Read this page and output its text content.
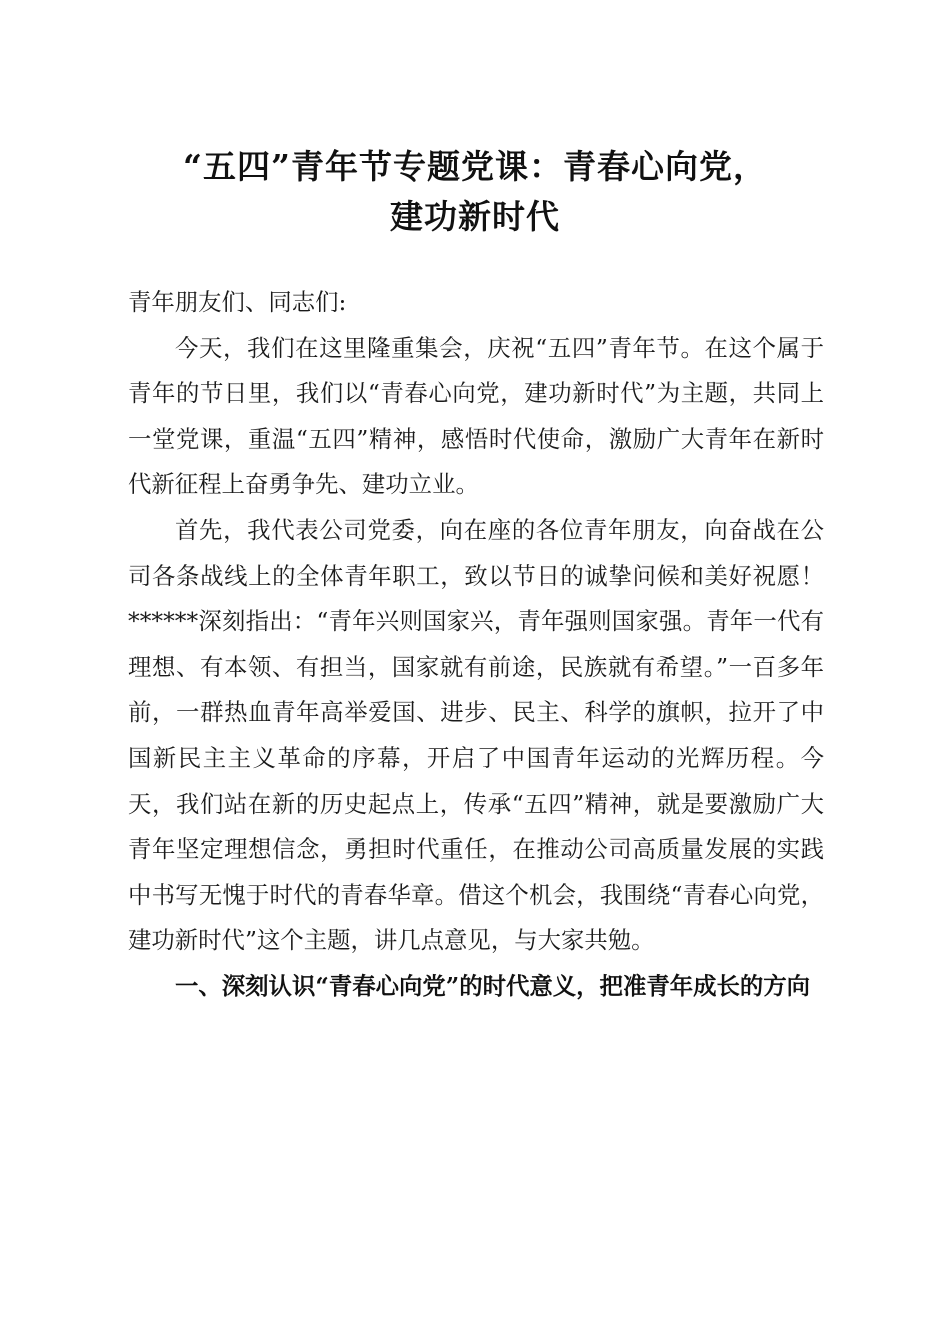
“五四”青年节专题党课：青春心向党，
建功新时代

青年朋友们、同志们:

今天，我们在这里隆重集会，庆祝“五四”青年节。在这个属于青年的节日里，我们以“青春心向党，建功新时代”为主题，共同上一堂党课，重温“五四”精神，感悟时代使命，激励广大青年在新时代新征程上奋勇争先、建功立业。

首先，我代表公司党委，向在座的各位青年朋友，向奋战在公司各条战线上的全体青年职工，致以节日的诚挚问候和美好祝愿！******深刻指出：“青年兴则国家兴，青年强则国家强。青年一代有理想、有本领、有担当，国家就有前途，民族就有希望。”一百多年前，一群热血青年高举爱国、进步、民主、科学的旗帜，拉开了中国新民主主义革命的序幕，开启了中国青年运动的光辉历程。今天，我们站在新的历史起点上，传承“五四”精神，就是要激励广大青年坚定理想信念，勇担时代重任，在推动公司高质量发展的实践中书写无愧于时代的青春华章。借这个机会，我围绕“青春心向党，建功新时代”这个主题，讲几点意见，与大家共勉。

一、深刻认识“青春心向党”的时代意义，把准青年成长的方向
